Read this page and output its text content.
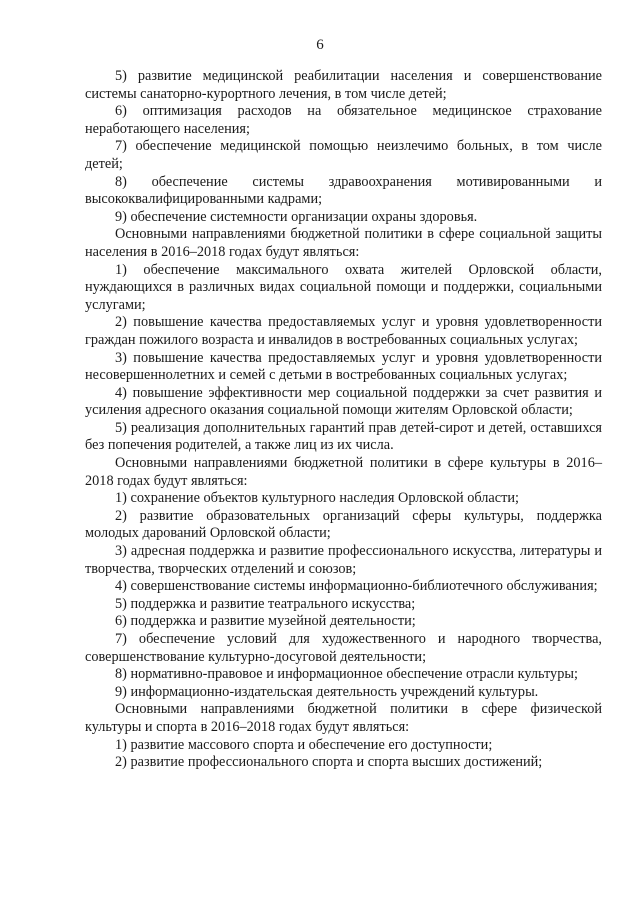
6

5) развитие медицинской реабилитации населения и совершенствование системы санаторно-курортного лечения, в том числе детей;

6) оптимизация расходов на обязательное медицинское страхование неработающего населения;

7) обеспечение медицинской помощью неизлечимо больных, в том числе детей;

8) обеспечение системы здравоохранения мотивированными и высококвалифицированными кадрами;

9) обеспечение системности организации охраны здоровья.

Основными направлениями бюджетной политики в сфере социальной защиты населения в 2016–2018 годах будут являться:

1) обеспечение максимального охвата жителей Орловской области, нуждающихся в различных видах социальной помощи и поддержки, социальными услугами;

2) повышение качества предоставляемых услуг и уровня удовлетворенности граждан пожилого возраста и инвалидов в востребованных социальных услугах;

3) повышение качества предоставляемых услуг и уровня удовлетворенности несовершеннолетних и семей с детьми в востребованных социальных услугах;

4) повышение эффективности мер социальной поддержки за счет развития и усиления адресного оказания социальной помощи жителям Орловской области;

5) реализация дополнительных гарантий прав детей-сирот и детей, оставшихся без попечения родителей, а также лиц из их числа.

Основными направлениями бюджетной политики в сфере культуры в 2016–2018 годах будут являться:

1) сохранение объектов культурного наследия Орловской области;

2) развитие образовательных организаций сферы культуры, поддержка молодых дарований Орловской области;

3) адресная поддержка и развитие профессионального искусства, литературы и творчества, творческих отделений и союзов;

4) совершенствование системы информационно-библиотечного обслуживания;

5) поддержка и развитие театрального искусства;

6) поддержка и развитие музейной деятельности;

7) обеспечение условий для художественного и народного творчества, совершенствование культурно-досуговой деятельности;

8) нормативно-правовое и информационное обеспечение отрасли культуры;

9) информационно-издательская деятельность учреждений культуры.

Основными направлениями бюджетной политики в сфере физической культуры и спорта в 2016–2018 годах будут являться:

1) развитие массового спорта и обеспечение его доступности;

2) развитие профессионального спорта и спорта высших достижений;
